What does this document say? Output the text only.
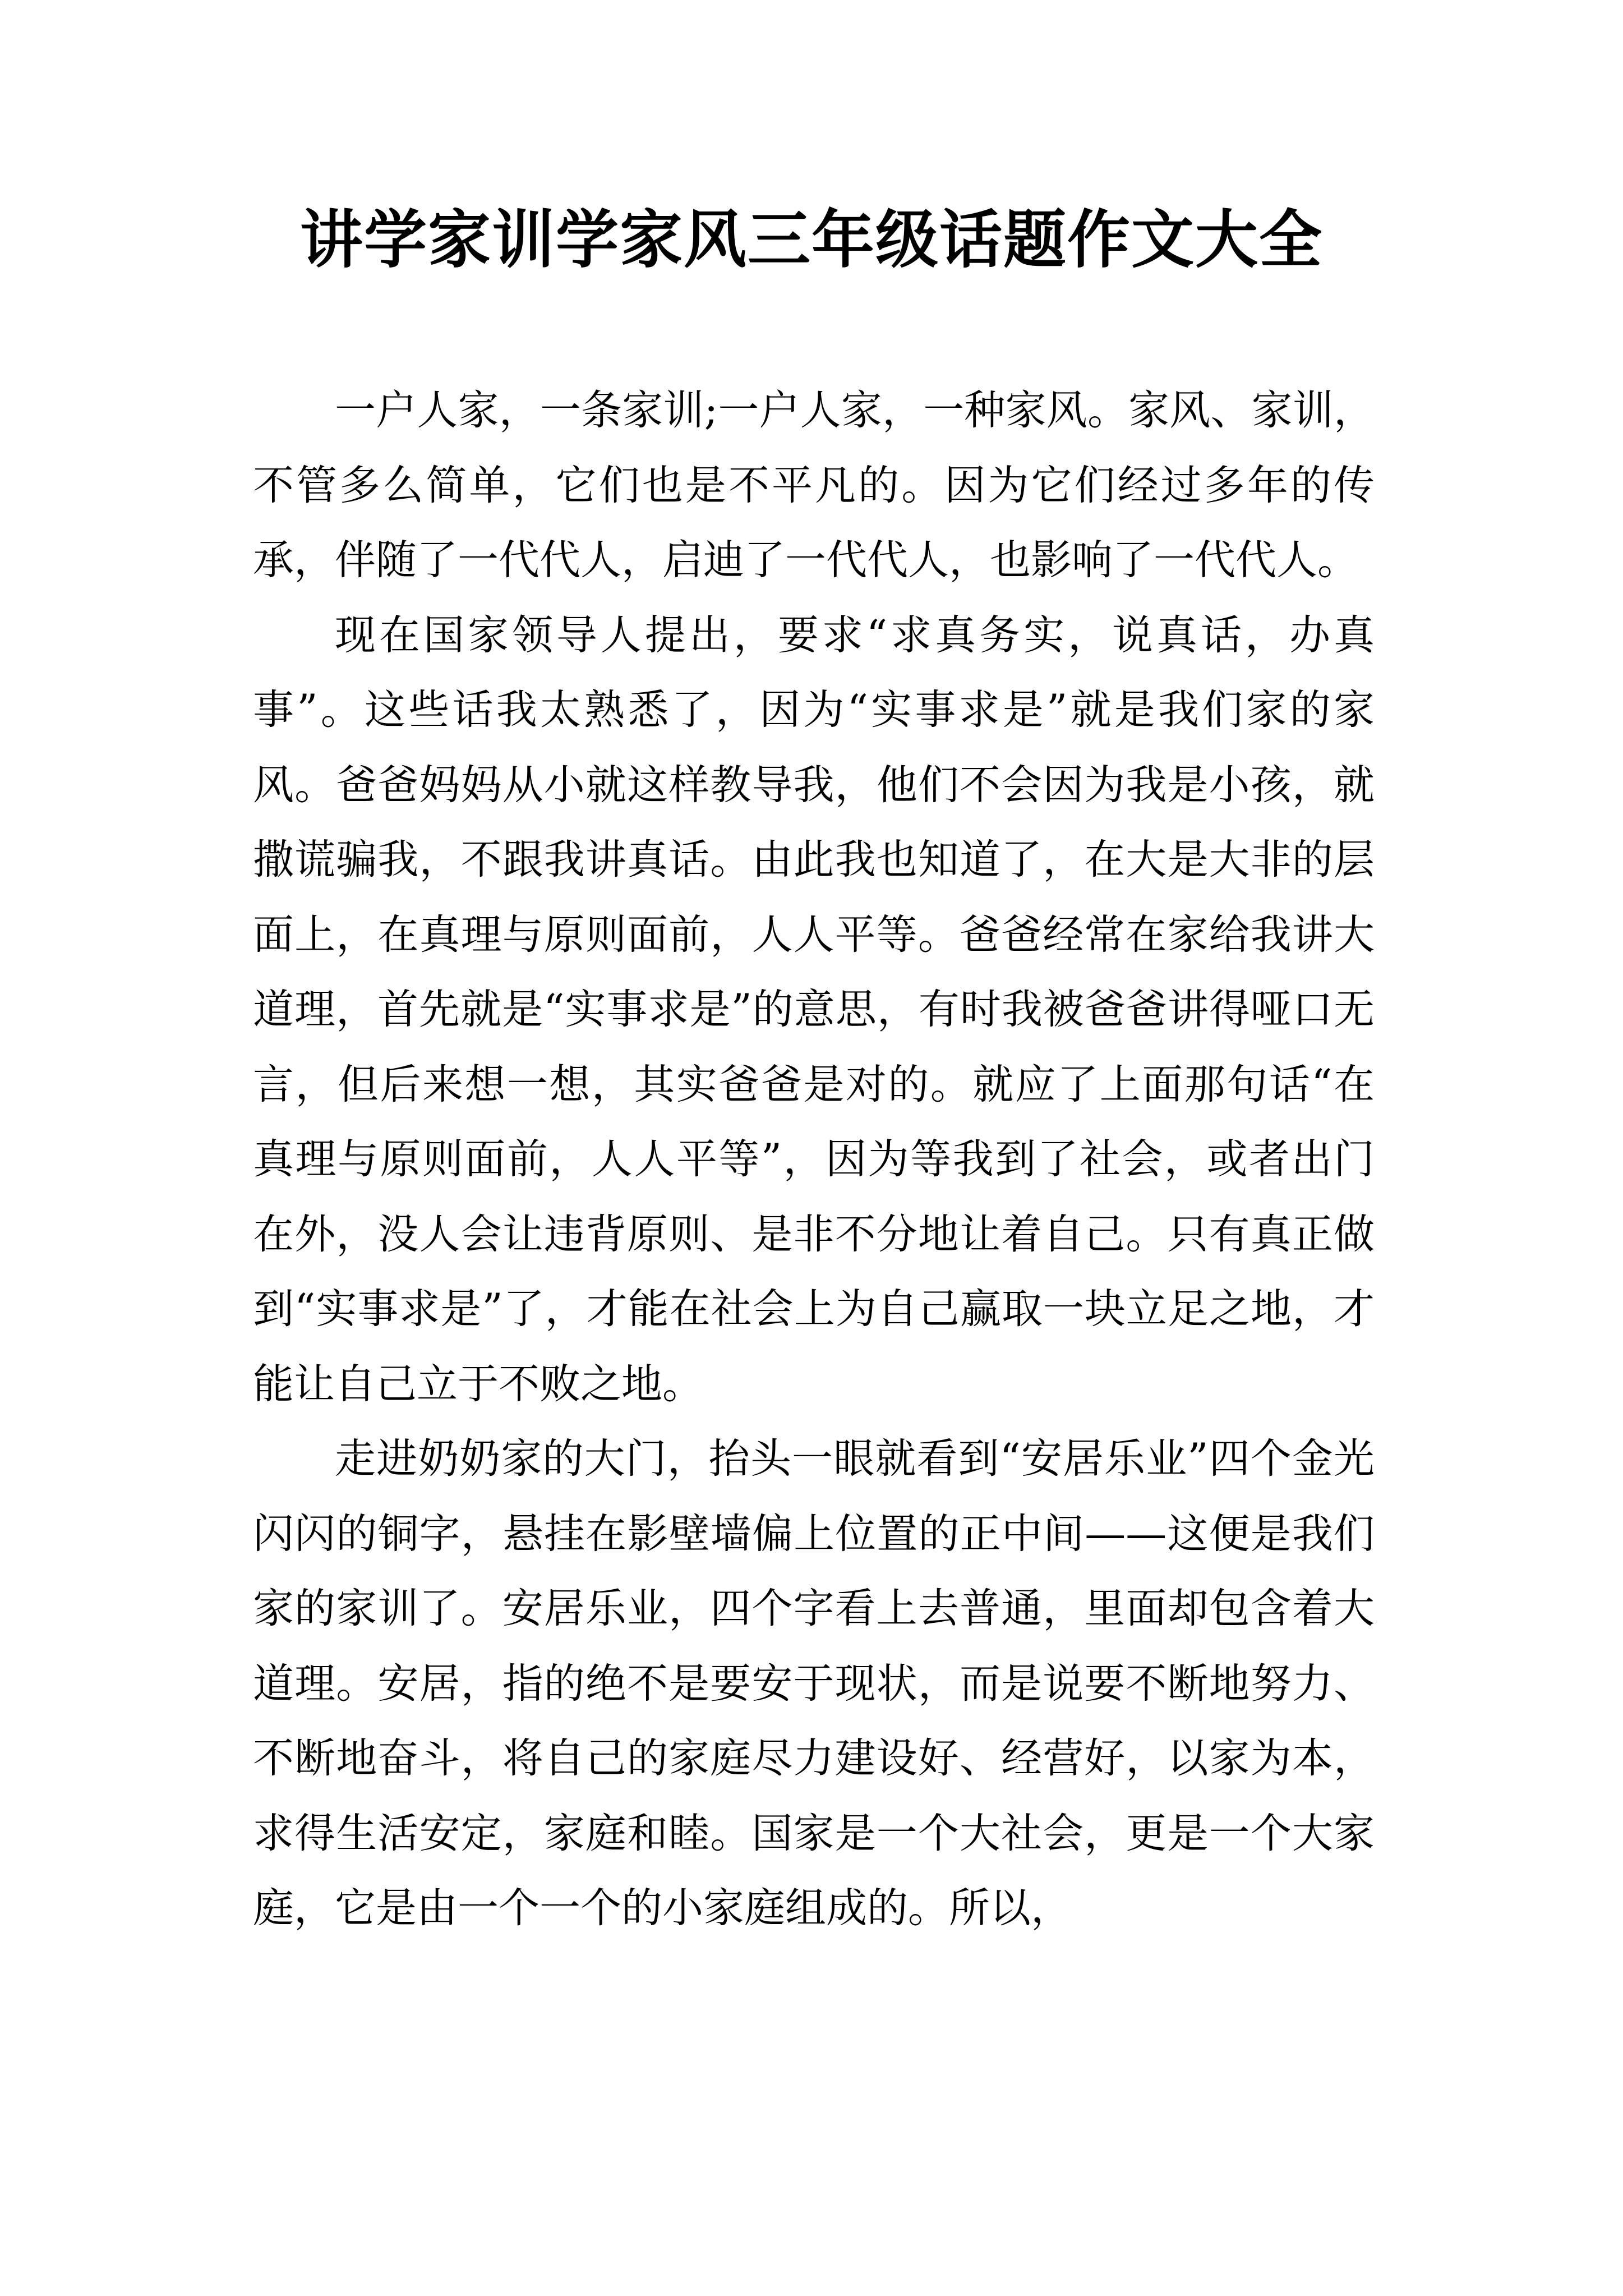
讲学家训学家风三年级话题作文大全

一户人家，一条家训;一户人家，一种家风。家风、家训，不管多么简单，它们也是不平凡的。因为它们经过多年的传承，伴随了一代代人，启迪了一代代人，也影响了一代代人。

现在国家领导人提出，要求“求真务实，说真话，办真事”。这些话我太熟悉了，因为“实事求是”就是我们家的家风。爸爸妈妈从小就这样教导我，他们不会因为我是小孩，就撒谎骗我，不跟我讲真话。由此我也知道了，在大是大非的层面上，在真理与原则面前，人人平等。爸爸经常在家给我讲大道理，首先就是“实事求是”的意思，有时我被爸爸讲得哑口无言，但后来想一想，其实爸爸是对的。就应了上面那句话“在真理与原则面前，人人平等”，因为等我到了社会，或者出门在外，没人会让违背原则、是非不分地让着自己。只有真正做到“实事求是”了，才能在社会上为自己赢取一块立足之地，才能让自己立于不败之地。

走进奶奶家的大门，抬头一眼就看到“安居乐业”四个金光闪闪的铜字，悬挂在影壁墙偏上位置的正中间——这便是我们家的家训了。安居乐业，四个字看上去普通，里面却包含着大道理。安居，指的绝不是要安于现状，而是说要不断地努力、不断地奋斗，将自己的家庭尽力建设好、经营好，以家为本，求得生活安定，家庭和睦。国家是一个大社会，更是一个大家庭，它是由一个一个的小家庭组成的。所以，
